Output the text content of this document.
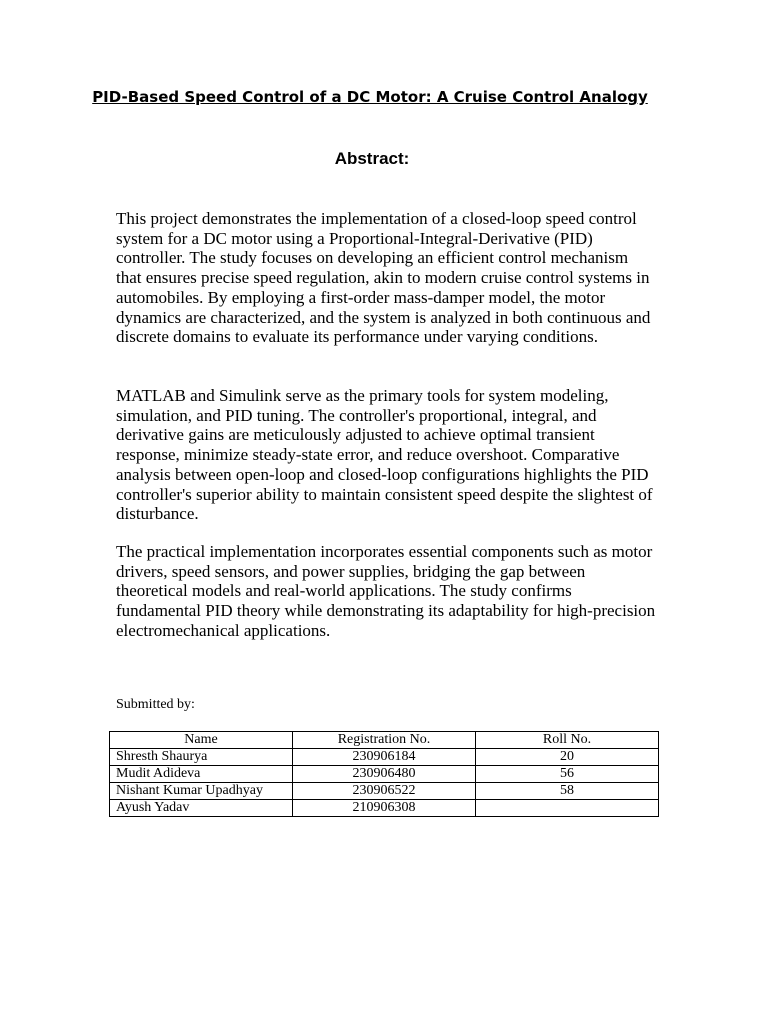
PID-Based Speed Control of a DC Motor: A Cruise Control Analogy
Abstract:

This project demonstrates the implementation of a closed-loop speed control system for a DC motor using a Proportional-Integral-Derivative (PID) controller. The study focuses on developing an efficient control mechanism that ensures precise speed regulation, akin to modern cruise control systems in automobiles. By employing a first-order mass-damper model, the motor dynamics are characterized, and the system is analyzed in both continuous and discrete domains to evaluate its performance under varying conditions.

MATLAB and Simulink serve as the primary tools for system modeling, simulation, and PID tuning. The controller's proportional, integral, and derivative gains are meticulously adjusted to achieve optimal transient response, minimize steady-state error, and reduce overshoot. Comparative analysis between open-loop and closed-loop configurations highlights the PID controller's superior ability to maintain consistent speed despite the slightest of disturbance.

The practical implementation incorporates essential components such as motor drivers, speed sensors, and power supplies, bridging the gap between theoretical models and real-world applications. The study confirms fundamental PID theory while demonstrating its adaptability for high-precision electromechanical applications.

Submitted by:

Name	Registration No.	Roll No.
Shresth Shaurya	230906184	20
Mudit Adideva	230906480	56
Nishant Kumar Upadhyay	230906522	58
Ayush Yadav	210906308	
